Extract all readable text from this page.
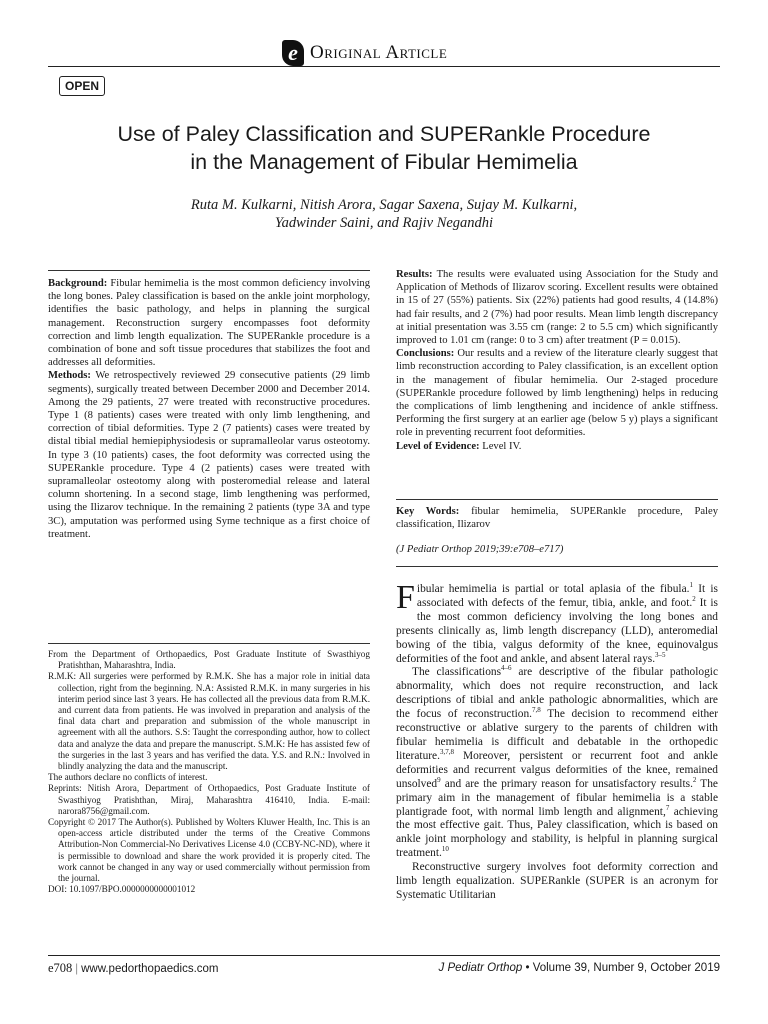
e Original Article
OPEN
Use of Paley Classification and SUPERankle Procedure
in the Management of Fibular Hemimelia
Ruta M. Kulkarni, Nitish Arora, Sagar Saxena, Sujay M. Kulkarni,
Yadwinder Saini, and Rajiv Negandhi

Background: Fibular hemimelia is the most common deficiency involving the long bones. Paley classification is based on the ankle joint morphology, identifies the basic pathology, and helps in planning the surgical management. Reconstruction surgery encompasses foot deformity correction and limb length equalization. The SUPERankle procedure is a combination of bone and soft tissue procedures that stabilizes the foot and addresses all deformities.

Methods: We retrospectively reviewed 29 consecutive patients (29 limb segments), surgically treated between December 2000 and December 2014. Among the 29 patients, 27 were treated with reconstructive procedures. Type 1 (8 patients) cases were treated with only limb lengthening, and correction of tibial deformities. Type 2 (7 patients) cases were treated by distal tibial medial hemiepiphysiodesis or supramalleolar varus osteotomy. In type 3 (10 patients) cases, the foot deformity was corrected using the SUPERankle procedure. Type 4 (2 patients) cases were treated with supramalleolar osteotomy along with posteromedial release and lateral column shortening. In a second stage, limb lengthening was performed, using the Ilizarov technique. In the remaining 2 patients (type 3A and type 3C), amputation was performed using Syme technique as a first choice of treatment.

Results: The results were evaluated using Association for the Study and Application of Methods of Ilizarov scoring. Excellent results were obtained in 15 of 27 (55%) patients. Six (22%) patients had good results, 4 (14.8%) had fair results, and 2 (7%) had poor results. Mean limb length discrepancy at initial presentation was 3.55 cm (range: 2 to 5.5 cm) which significantly improved to 1.01 cm (range: 0 to 3 cm) after treatment (P = 0.015).

Conclusions: Our results and a review of the literature clearly suggest that limb reconstruction according to Paley classification, is an excellent option in the management of fibular hemimelia. Our 2-staged procedure (SUPERankle procedure followed by limb lengthening) helps in reducing the complications of limb lengthening and incidence of ankle stiffness. Performing the first surgery at an earlier age (below 5 y) plays a significant role in preventing recurrent foot deformities.

Level of Evidence: Level IV.

Key Words: fibular hemimelia, SUPERankle procedure, Paley classification, Ilizarov

(J Pediatr Orthop 2019;39:e708–e717)

Fibular hemimelia is partial or total aplasia of the fibula.$^1$ It is associated with defects of the femur, tibia, ankle, and foot.$^2$ It is the most common deficiency involving the long bones and presents clinically as, limb length discrepancy (LLD), anteromedial bowing of the tibia, valgus deformity of the knee, equinovalgus deformities of the foot and ankle, and absent lateral rays.$^{3-5}$

The classifications$^{4-6}$ are descriptive of the fibular pathologic abnormality, which does not require reconstruction, and lack descriptions of tibial and ankle pathologic abnormalities, which are the focus of reconstruction.$^{7,8}$ The decision to recommend either reconstructive or ablative surgery to the parents of children with fibular hemimelia is difficult and debatable in the orthopedic literature.$^{3,7,8}$ Moreover, persistent or recurrent foot and ankle deformities and recurrent valgus deformities of the knee, remained unsolved$^9$ and are the primary reason for unsatisfactory results.$^2$ The primary aim in the management of fibular hemimelia is a stable plantigrade foot, with normal limb length and alignment,$^7$ achieving the most effective gait. Thus, Paley classification, which is based on ankle joint morphology and stability, is helpful in planning surgical treatment.$^{10}$

Reconstructive surgery involves foot deformity correction and limb length equalization. SUPERankle (SUPER is an acronym for Systematic Utilitarian

From the Department of Orthopaedics, Post Graduate Institute of Swasthiyog Pratishthan, Maharashtra, India.

R.M.K: All surgeries were performed by R.M.K. She has a major role in initial data collection, right from the beginning. N.A: Assisted R.M.K. in many surgeries in his interim period since last 3 years. He has collected all the previous data from R.M.K. and current data from patients. He was involved in preparation and analysis of the final data chart and preparation and submission of the whole manuscript in agreement with all the authors. S.S: Taught the corresponding author, how to collect data and analyze the data and prepare the manuscript. S.M.K: He has assisted few of the surgeries in the last 3 years and has verified the data. Y.S. and R.N.: Involved in blindly analyzing the data and the manuscript.

The authors declare no conflicts of interest.

Reprints: Nitish Arora, Department of Orthopaedics, Post Graduate Institute of Swasthiyog Pratishthan, Miraj, Maharashtra 416410, India. E-mail: narora8756@gmail.com.

Copyright © 2017 The Author(s). Published by Wolters Kluwer Health, Inc. This is an open-access article distributed under the terms of the Creative Commons Attribution-Non Commercial-No Derivatives License 4.0 (CCBY-NC-ND), where it is permissible to download and share the work provided it is properly cited. The work cannot be changed in any way or used commercially without permission from the journal.

DOI: 10.1097/BPO.0000000000001012

e708 | www.pedorthopaedics.com	J Pediatr Orthop • Volume 39, Number 9, October 2019
